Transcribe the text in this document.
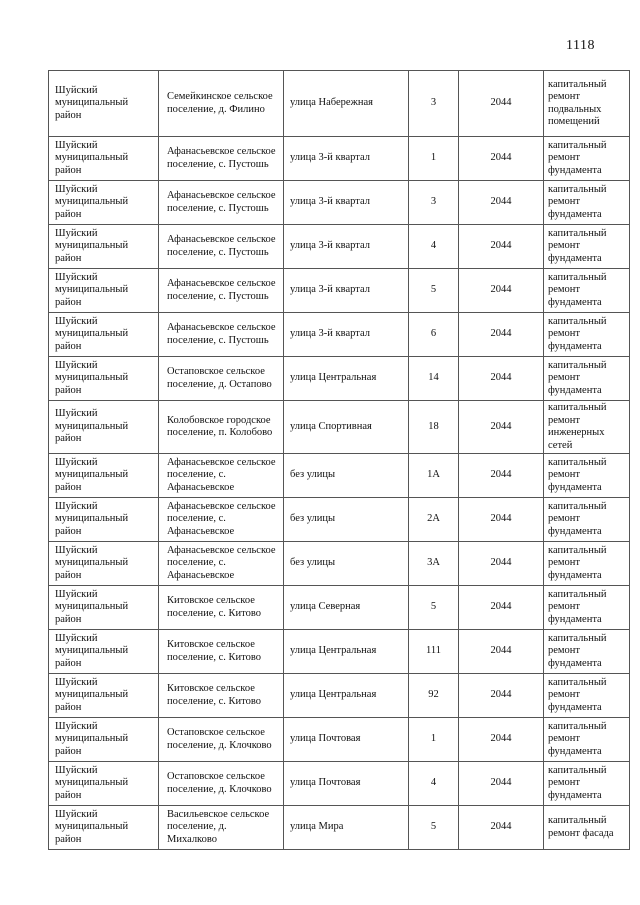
1118
Шуйский муниципальный район	Семейкинское сельское поселение, д. Филино	улица Набережная	3	2044	капитальный ремонт подвальных помещений
Шуйский муниципальный район	Афанасьевское сельское поселение, с. Пустошь	улица 3-й квартал	1	2044	капитальный ремонт фундамента
Шуйский муниципальный район	Афанасьевское сельское поселение, с. Пустошь	улица 3-й квартал	3	2044	капитальный ремонт фундамента
Шуйский муниципальный район	Афанасьевское сельское поселение, с. Пустошь	улица 3-й квартал	4	2044	капитальный ремонт фундамента
Шуйский муниципальный район	Афанасьевское сельское поселение, с. Пустошь	улица 3-й квартал	5	2044	капитальный ремонт фундамента
Шуйский муниципальный район	Афанасьевское сельское поселение, с. Пустошь	улица 3-й квартал	6	2044	капитальный ремонт фундамента
Шуйский муниципальный район	Остаповское сельское поселение, д. Остапово	улица Центральная	14	2044	капитальный ремонт фундамента
Шуйский муниципальный район	Колобовское городское поселение, п. Колобово	улица Спортивная	18	2044	капитальный ремонт инженерных сетей
Шуйский муниципальный район	Афанасьевское сельское поселение, с. Афанасьевское	без улицы	1А	2044	капитальный ремонт фундамента
Шуйский муниципальный район	Афанасьевское сельское поселение, с. Афанасьевское	без улицы	2А	2044	капитальный ремонт фундамента
Шуйский муниципальный район	Афанасьевское сельское поселение, с. Афанасьевское	без улицы	3А	2044	капитальный ремонт фундамента
Шуйский муниципальный район	Китовское сельское поселение, с. Китово	улица Северная	5	2044	капитальный ремонт фундамента
Шуйский муниципальный район	Китовское сельское поселение, с. Китово	улица Центральная	111	2044	капитальный ремонт фундамента
Шуйский муниципальный район	Китовское сельское поселение, с. Китово	улица Центральная	92	2044	капитальный ремонт фундамента
Шуйский муниципальный район	Остаповское сельское поселение, д. Клочково	улица Почтовая	1	2044	капитальный ремонт фундамента
Шуйский муниципальный район	Остаповское сельское поселение, д. Клочково	улица Почтовая	4	2044	капитальный ремонт фундамента
Шуйский муниципальный район	Васильевское сельское поселение, д. Михалково	улица Мира	5	2044	капитальный ремонт фасада
